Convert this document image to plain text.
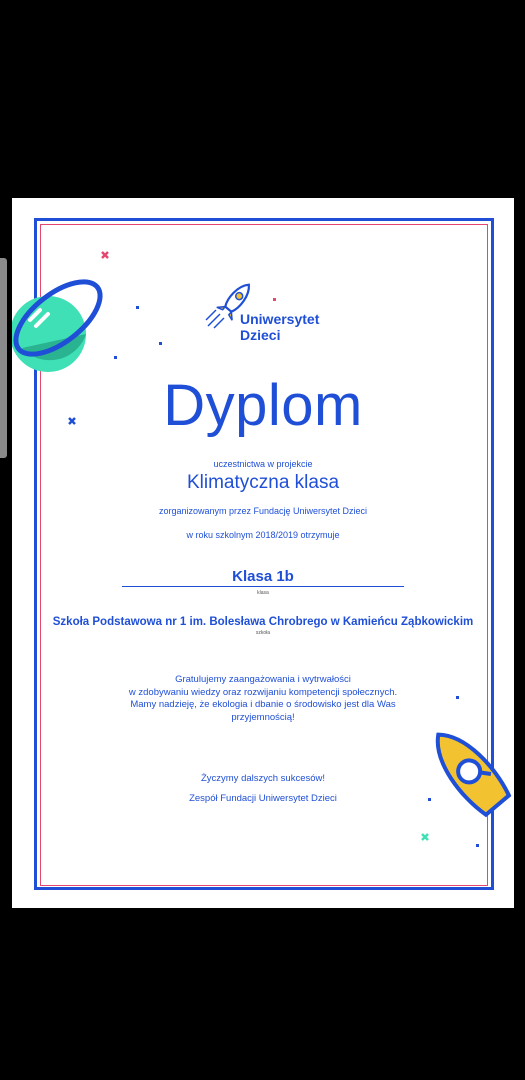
Uniwersytet
Dzieci
Dyplom
uczestnictwa w projekcie
Klimatyczna klasa
zorganizowanym przez Fundację Uniwersytet Dzieci
w roku szkolnym 2018/2019 otrzymuje
Klasa 1b
klasa
Szkoła Podstawowa nr 1 im. Bolesława Chrobrego w Kamieńcu Ząbkowickim
szkoła
Gratulujemy zaangażowania i wytrwałości
w zdobywaniu wiedzy oraz rozwijaniu kompetencji społecznych.
Mamy nadzieję, że ekologia i dbanie o środowisko jest dla Was
przyjemnością!
Życzymy dalszych sukcesów!
Zespół Fundacji Uniwersytet Dzieci
